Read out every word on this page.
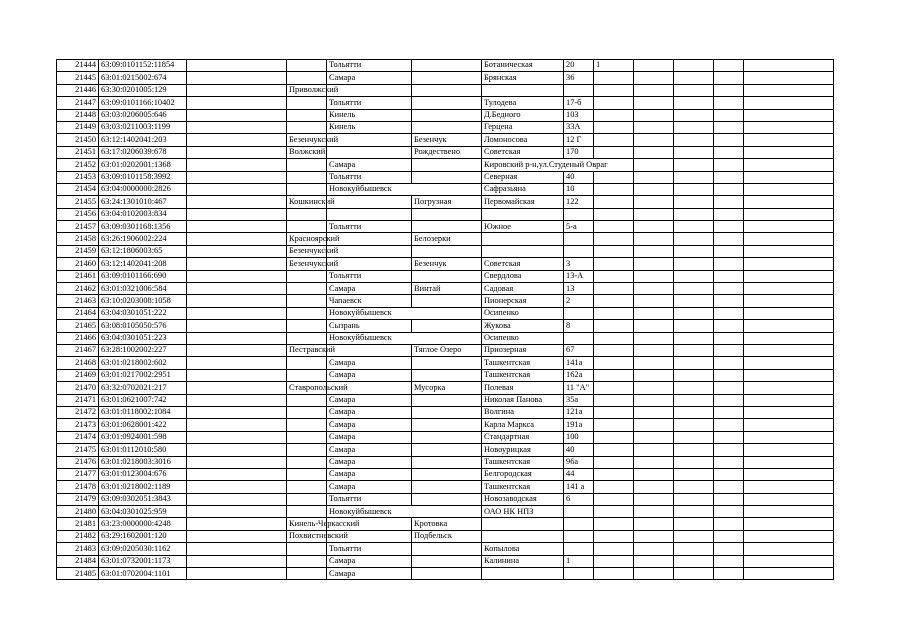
21444	63:09:0101152:11854			Тольятти		Ботаническая	20	1				
21445	63:01:0215002:674			Самара		Брянская	36					
21446	63:30:0201005:129		Приволжский									
21447	63:09:0101166:10402			Тольятти		Тулодева	17-б					
21448	63:03:0206005:646			Кинель		Д.Бедного	103					
21449	63:03:0211003:1199			Кинель		Герцена	33А					
21450	63:12:1402041:203		Безенчукский		Безенчук	Ломоносова	12 Г					
21451	63:17:0206039:678		Волжский		Рождествено	Советская	170					
21452	63:01:0202001:1368			Самара		Кировский р-н,ул.Студеный Овраг						
21453	63:09:0101158:3992			Тольятти		Северная	40					
21454	63:04:0000000:2826			Новокуйбышевск		Сафразьяна	10					
21455	63:24:1301010:467		Кошкинский		Погрузная	Первомайская	122					
21456	63:04:0102003:834											
21457	63:09:0301168:1356			Тольятти		Южное	5-а					
21458	63:26:1906002:224		Красноярский		Белозерки							
21459	63:12:1806003:65		Безенчукский									
21460	63:12:1402041:208		Безенчукский		Безенчук	Советская	3					
21461	63:09:0101166:690			Тольятти		Свердлова	13-А					
21462	63:01:0321006:584			Самара	Винтай	Садовая	13					
21463	63:10:0203008:1058			Чапаевск		Пионерская	2					
21464	63:04:0301051:222			Новокуйбышевск		Осипенко						
21465	63:08:0105050:576			Сызрань		Жукова	8					
21466	63:04:0301051:223			Новокуйбышевск		Осипенко						
21467	63:28:1002002:227		Пестравский		Тяглое Озеро	Приозерная	67					
21468	63:01:0218002:602			Самара		Ташкентская	141а					
21469	63:01:0217002:2951			Самара		Ташкентская	162а					
21470	63:32:0702021:217		Ставропольский		Мусорка	Полевая	11 "А"					
21471	63:01:0621007:742			Самара		Николая Панова	35а					
21472	63:01:0118002:1084			Самара		Волгина	121а					
21473	63:01:0628001:422			Самара		Карла Маркса	191а					
21474	63:01:0924001:598			Самара		Стандартная	100					
21475	63:01:0112010:580			Самара		Новоурицкая	40					
21476	63:01:0218003:3016			Самара		Ташкентская	96а					
21477	63:01:0123004:676			Самара		Белгородская	44					
21478	63:01:0218002:1189			Самара		Ташкентская	141 а					
21479	63:09:0302051:3843			Тольятти		Новозаводская	6					
21480	63:04:0301025:959			Новокуйбышевск		ОАО НК НПЗ						
21481	63:23:0000000:4248		Кинель-Черкасский		Кротовка							
21482	63:29:1602001:120		Похвистневский		Подбельск							
21483	63:09:0205030:1162			Тольятти		Копылова						
21484	63:01:0732001:1173			Самара		Калинина	1					
21485	63:01:0702004:1101			Самара								
